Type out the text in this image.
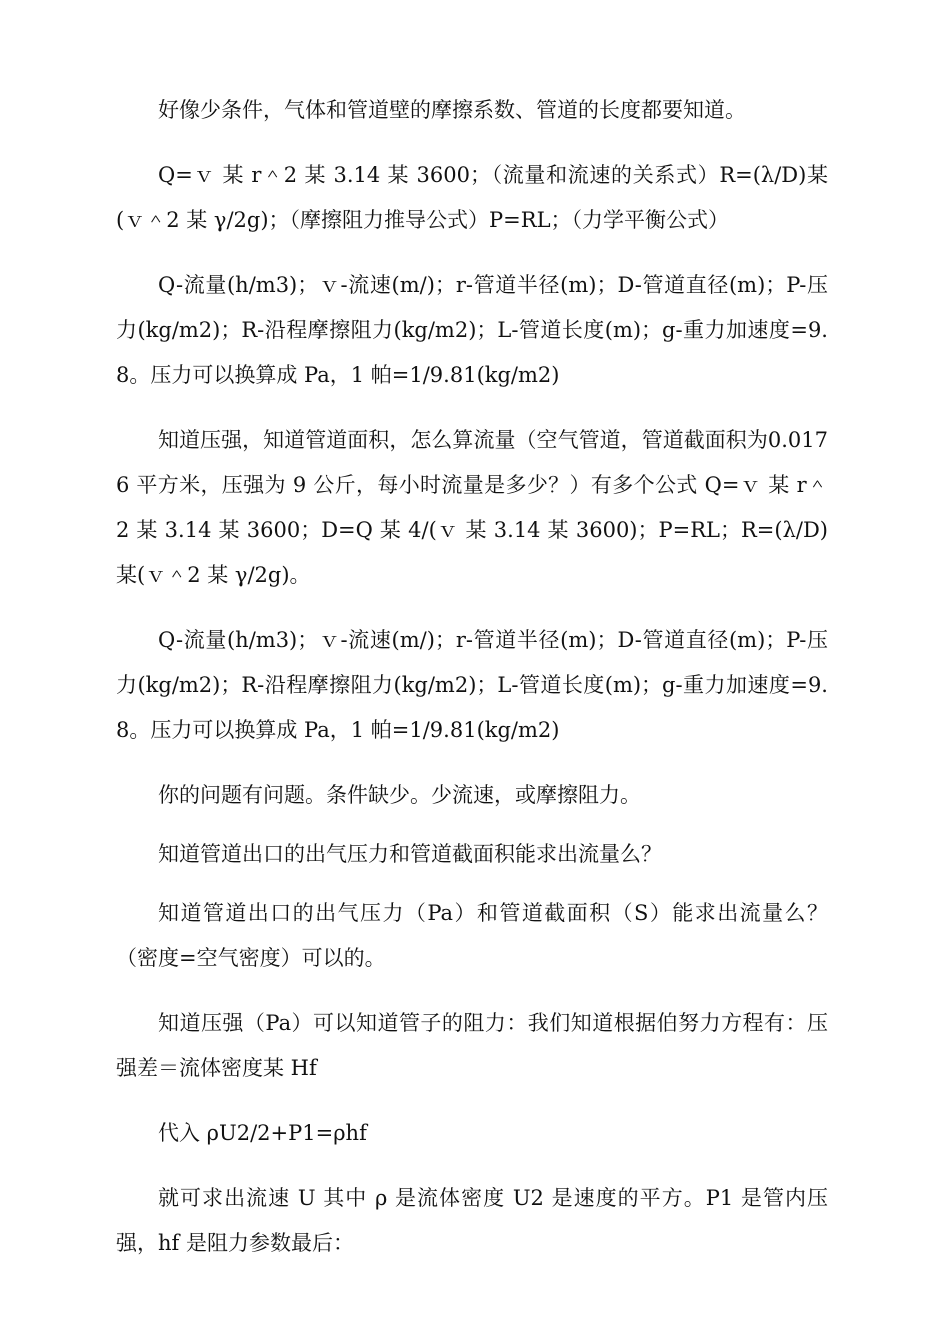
好像少条件，气体和管道壁的摩擦系数、管道的长度都要知道。

Q=ｖ 某 r＾2 某 3.14 某 3600；（流量和流速的关系式）R=(λ/D)某(ｖ＾2 某 γ/2g)；（摩擦阻力推导公式）P=RL；（力学平衡公式）

Q-流量(h/m3)；ｖ-流速(m/)；r-管道半径(m)；D-管道直径(m)；P-压力(kg/m2)；R-沿程摩擦阻力(kg/m2)；L-管道长度(m)；g-重力加速度=9.8。压力可以换算成 Pa，1 帕=1/9.81(kg/m2)

知道压强，知道管道面积，怎么算流量（空气管道，管道截面积为0.0176 平方米，压强为 9 公斤，每小时流量是多少？）有多个公式 Q=ｖ 某 r＾2 某 3.14 某 3600；D=Q 某 4/(ｖ 某 3.14 某 3600)；P=RL；R=(λ/D)某(ｖ＾2 某 γ/2g)。

Q-流量(h/m3)；ｖ-流速(m/)；r-管道半径(m)；D-管道直径(m)；P-压力(kg/m2)；R-沿程摩擦阻力(kg/m2)；L-管道长度(m)；g-重力加速度=9.8。压力可以换算成 Pa，1 帕=1/9.81(kg/m2)

你的问题有问题。条件缺少。少流速，或摩擦阻力。

知道管道出口的出气压力和管道截面积能求出流量么？

知道管道出口的出气压力（Pa）和管道截面积（S）能求出流量么？（密度=空气密度）可以的。

知道压强（Pa）可以知道管子的阻力：我们知道根据伯努力方程有：压强差＝流体密度某 Hf

代入 ρU2/2+P1=ρhf

就可求出流速 U 其中 ρ 是流体密度 U2 是速度的平方。P1 是管内压强，hf 是阻力参数最后：
